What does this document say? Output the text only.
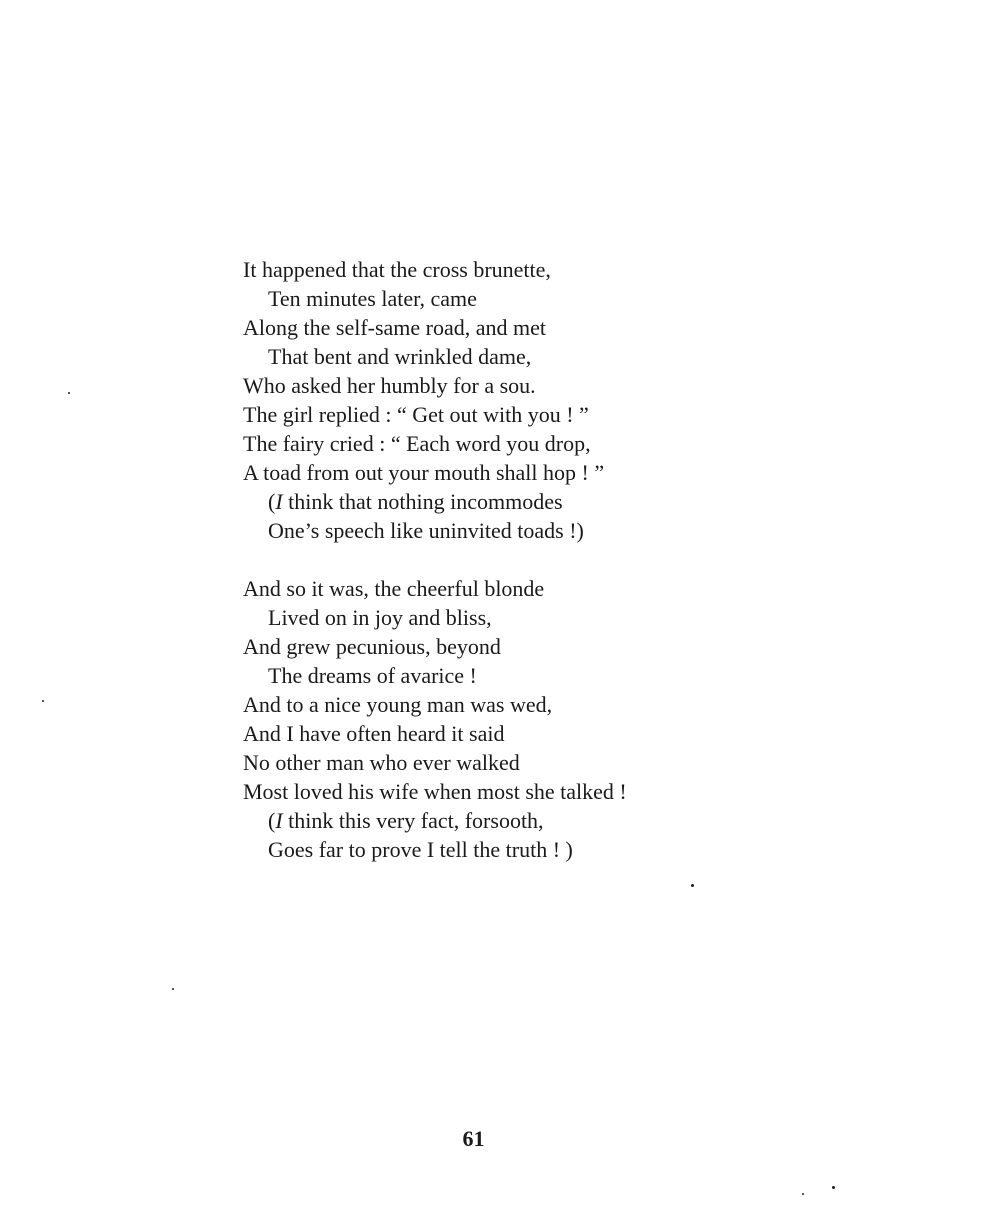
It happened that the cross brunette,
Ten minutes later, came
Along the self-same road, and met
That bent and wrinkled dame,
Who asked her humbly for a sou.
The girl replied : “ Get out with you ! ”
The fairy cried : “ Each word you drop,
A toad from out your mouth shall hop ! ”
(I think that nothing incommodes
One’s speech like uninvited toads !)
And so it was, the cheerful blonde
Lived on in joy and bliss,
And grew pecunious, beyond
The dreams of avarice !
And to a nice young man was wed,
And I have often heard it said
No other man who ever walked
Most loved his wife when most she talked !
(I think this very fact, forsooth,
Goes far to prove I tell the truth ! )
61
